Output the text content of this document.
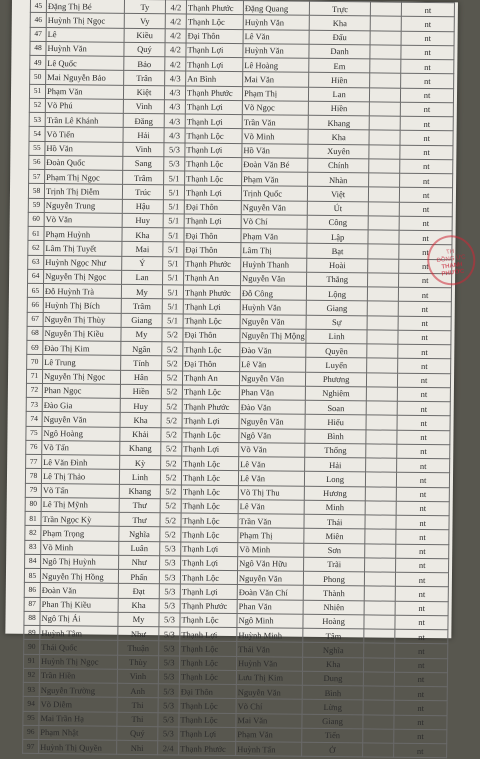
45	Đặng Thị Bé	Ty	4/2	Thạnh Phước	Đặng Quang	Trực		nt
46	Huỳnh Thị Ngọc	Vy	4/2	Thạnh Lộc	Huỳnh Văn	Kha		nt
47	Lê	Kiều	4/2	Đại Thôn	Lê Văn	Đấu		nt
48	Huỳnh Văn	Quý	4/2	Thạnh Lợi	Huỳnh Văn	Danh		nt
49	Lê Quốc	Bảo	4/2	Thạnh Lợi	Lê Hoàng	Em		nt
50	Mai Nguyễn Bảo	Trân	4/3	An Bình	Mai Văn	Hiền		nt
51	Phạm Văn	Kiệt	4/3	Thạnh Phước	Phạm Thị	Lan		nt
52	Võ Phú	Vinh	4/3	Thạnh Lợi	Võ Ngọc	Hiền		nt
53	Trần Lê Khánh	Đăng	4/3	Thạnh Lợi	Trần Văn	Khang		nt
54	Võ Tiến	Hải	4/3	Thạnh Lộc	Võ Minh	Kha		nt
55	Hồ Văn	Vinh	5/3	Thạnh Lợi	Hồ Văn	Xuyên		nt
56	Đoàn Quốc	Sang	5/3	Thạnh Lộc	Đoàn Văn Bé	Chính		nt
57	Phạm Thị Ngọc	Trâm	5/1	Thạnh Lộc	Phạm Văn	Nhàn		nt
58	Trịnh Thị Diễm	Trúc	5/1	Thạnh Lợi	Trịnh Quốc	Việt		nt
59	Nguyễn Trung	Hậu	5/1	Đại Thôn	Nguyễn Văn	Út		nt
60	Võ Văn	Huy	5/1	Thạnh Lợi	Võ Chí	Công		nt
61	Phạm Huỳnh	Kha	5/1	Đại Thôn	Phạm Văn	Lập		nt
62	Lâm Thị Tuyết	Mai	5/1	Đại Thôn	Lâm Thị	Bạt		nt
63	Huỳnh Ngọc Như	Ý	5/1	Thạnh Phước	Huỳnh Thanh	Hoài		nt
64	Nguyễn Thị Ngọc	Lan	5/1	Thạnh An	Nguyễn Văn	Thắng		nt
65	Đỗ Huỳnh Trà	My	5/1	Thạnh Phước	Đỗ Công	Lộng		nt
66	Huỳnh Thị Bích	Trâm	5/1	Thạnh Lợi	Huỳnh Văn	Giang		nt
67	Nguyễn Thị Thùy	Giang	5/1	Thạnh Lộc	Nguyễn Văn	Sự		nt
68	Nguyễn Thị Kiều	My	5/2	Đại Thôn	Nguyễn Thị Mộng	Linh		nt
69	Đào Thị Kim	Ngân	5/2	Thạnh Lộc	Đào Văn	Quyền		nt
70	Lê Trung	Tính	5/2	Đại Thôn	Lê Văn	Luyến		nt
71	Nguyễn Thị Ngọc	Hân	5/2	Thạnh An	Nguyễn Văn	Phương		nt
72	Phan Ngọc	Hiền	5/2	Thạnh Lộc	Phan Văn	Nghiêm		nt
73	Đào Gia	Huy	5/2	Thạnh Phước	Đào Văn	Soan		nt
74	Nguyễn Văn	Kha	5/2	Thạnh Lợi	Nguyễn Văn	Hiếu		nt
75	Ngô Hoàng	Khải	5/2	Thạnh Lộc	Ngô Văn	Bình		nt
76	Võ Tấn	Khang	5/2	Thạnh Lợi	Võ Văn	Thống		nt
77	Lê Văn Đình	Kỳ	5/2	Thạnh Lộc	Lê Văn	Hải		nt
78	Lê Thị Thảo	Linh	5/2	Thạnh Lộc	Lê Văn	Long		nt
79	Võ Tấn	Khang	5/2	Thạnh Lộc	Võ Thị Thu	Hương		nt
80	Lê Thị Mỹnh	Thư	5/2	Thạnh Lộc	Lê Văn	Minh		nt
81	Trần Ngọc Kỳ	Thư	5/2	Thạnh Lộc	Trần Văn	Thái		nt
82	Phạm Trọng	Nghĩa	5/2	Thạnh Lộc	Phạm Thị	Miên		nt
83	Võ Minh	Luân	5/3	Thạnh Lợi	Võ Minh	Sơn		nt
84	Ngô Thị Huỳnh	Như	5/3	Thạnh Lợi	Ngô Văn Hữu	Trãi		nt
85	Nguyễn Thị Hồng	Phấn	5/3	Thạnh Lộc	Nguyễn Văn	Phong		nt
86	Đoàn Văn	Đạt	5/3	Thạnh Lợi	Đoàn Văn Chí	Thành		nt
87	Phan Thị Kiều	Kha	5/3	Thạnh Phước	Phan Văn	Nhiên		nt
88	Ngô Thị Ái	My	5/3	Thạnh Lộc	Ngô Minh	Hoàng		nt
89	Huỳnh Tâm	Như	5/3	Thạnh Lợi	Huỳnh Minh	Tâm		nt
90	Thái Quốc	Thuận	5/3	Thạnh Lộc	Thái Văn	Nghĩa		nt
91	Huỳnh Thị Ngọc	Thùy	5/3	Thạnh Lộc	Huỳnh Văn	Kha		nt
92	Trần Hiền	Vinh	5/3	Thạnh Lộc	Lưu Thị Kim	Dung		nt
93	Nguyễn Trường	Anh	5/3	Đại Thôn	Nguyễn Văn	Bình		nt
94	Võ Diễm	Thi	5/3	Thạnh Lộc	Võ Chí	Lừng		nt
95	Mai Trần Hạ	Thi	5/3	Thạnh Lộc	Mai Văn	Giang		nt
96	Phạm Nhật	Quý	5/3	Thạnh Lợi	Phạm Văn	Tiến		nt
97	Huỳnh Thị Quyền	Nhi	2/4	Thạnh Phước	Huỳnh Tấn	Ở		nt
TH
ĐỒNG ỨC
THẠNH PHƯỚC
